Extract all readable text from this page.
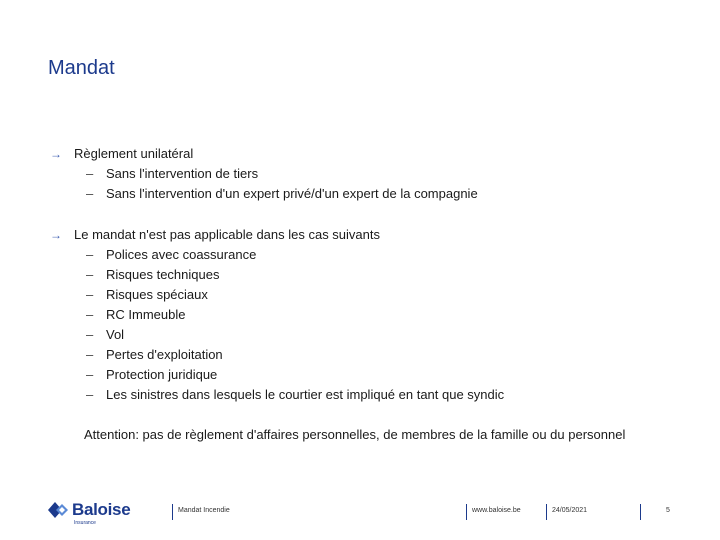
Mandat
→ Règlement unilatéral
– Sans l'intervention de tiers
– Sans l'intervention d'un expert privé/d'un expert de la compagnie
→ Le mandat n'est pas applicable dans les cas suivants
– Polices avec coassurance
– Risques techniques
– Risques spéciaux
– RC Immeuble
– Vol
– Pertes d'exploitation
– Protection juridique
– Les sinistres dans lesquels le courtier est impliqué en tant que syndic
Attention: pas de règlement d'affaires personnelles, de membres de la famille ou du personnel
Baloise
Insurance
Mandat Incendie	www.baloise.be	24/05/2021	5
